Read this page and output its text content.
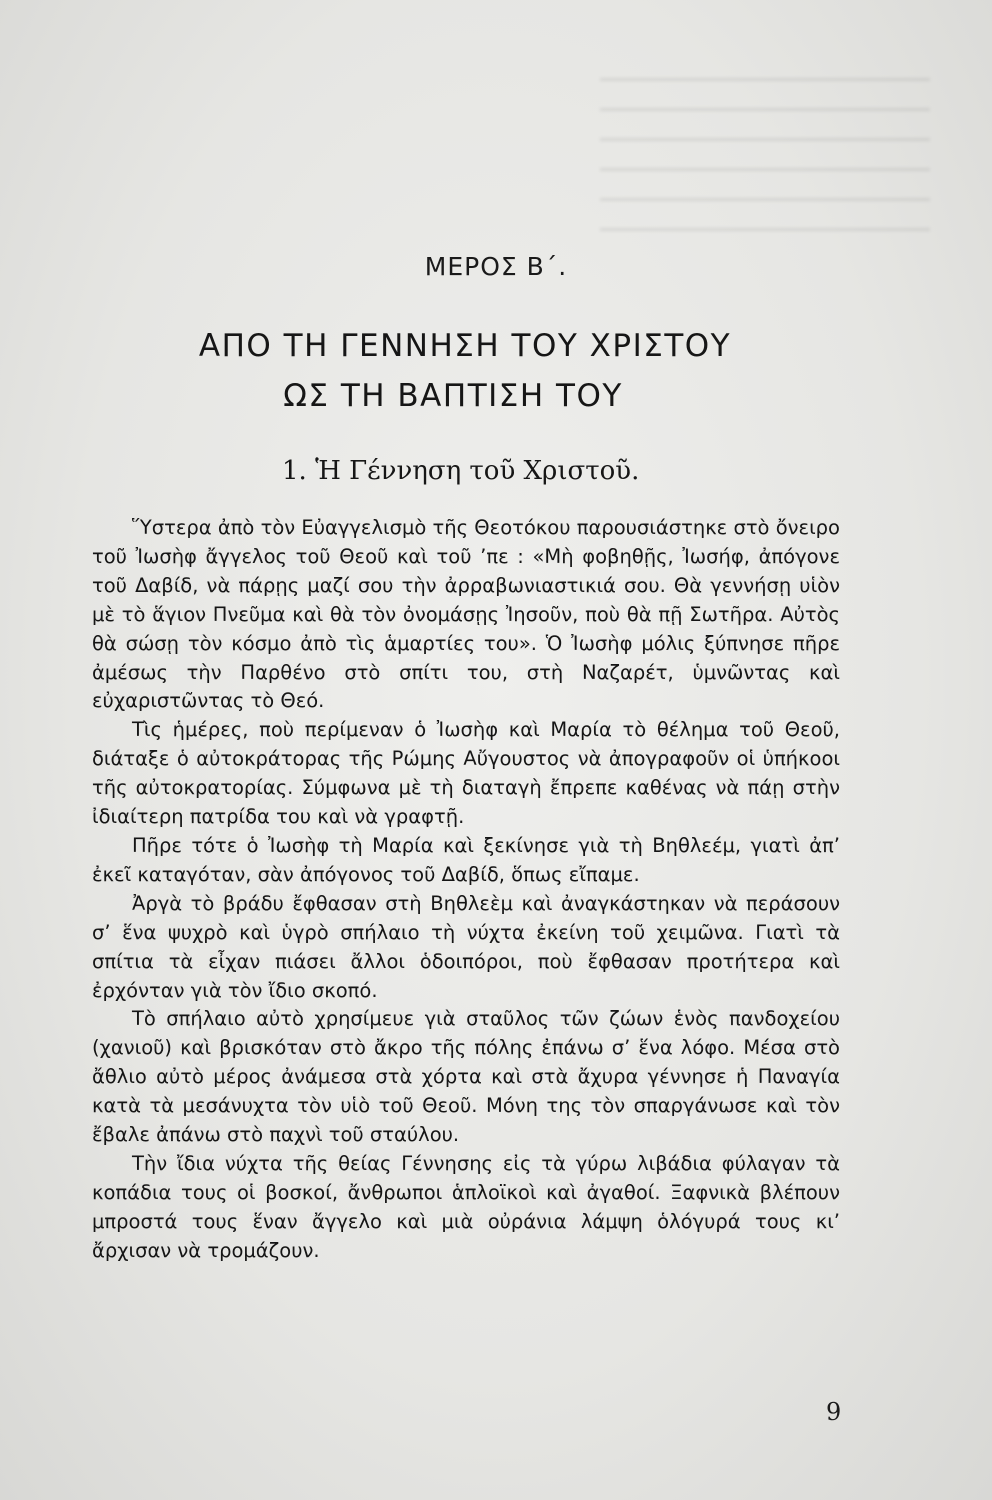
ΜΕΡΟΣ Β΄.
ΑΠΟ ΤΗ ΓΕΝΝΗΣΗ ΤΟΥ ΧΡΙΣΤΟΥ
ΩΣ ΤΗ ΒΑΠΤΙΣΗ ΤΟΥ
1. Ἡ Γέννηση τοῦ Χριστοῦ.

Ὕστερα ἀπὸ τὸν Εὐαγγελισμὸ τῆς Θεοτόκου παρουσιάστηκε στὸ ὄνειρο τοῦ Ἰωσὴφ ἄγγελος τοῦ Θεοῦ καὶ τοῦ ’πε : «Μὴ φοβηθῇς, Ἰωσήφ, ἀπόγονε τοῦ Δαβίδ, νὰ πάρῃς μαζί σου τὴν ἀρραβωνιαστικιά σου. Θὰ γεννήσῃ υἱὸν μὲ τὸ ἅγιον Πνεῦμα καὶ θὰ τὸν ὀνομάσῃς Ἰησοῦν, ποὺ θὰ πῇ Σωτῆρα. Αὐτὸς θὰ σώσῃ τὸν κόσμο ἀπὸ τὶς ἁμαρτίες του». Ὁ Ἰωσὴφ μόλις ξύπνησε πῆρε ἀμέσως τὴν Παρθένο στὸ σπίτι του, στὴ Ναζαρέτ, ὑμνῶντας καὶ εὐχαριστῶντας τὸ Θεό.

Τὶς ἡμέρες, ποὺ περίμεναν ὁ Ἰωσὴφ καὶ Μαρία τὸ θέλημα τοῦ Θεοῦ, διάταξε ὁ αὐτοκράτορας τῆς Ρώμης Αὔγουστος νὰ ἀπογραφοῦν οἱ ὑπήκοοι τῆς αὐτοκρατορίας. Σύμφωνα μὲ τὴ διαταγὴ ἔπρεπε καθένας νὰ πάῃ στὴν ἰδιαίτερη πατρίδα του καὶ νὰ γραφτῇ.

Πῆρε τότε ὁ Ἰωσὴφ τὴ Μαρία καὶ ξεκίνησε γιὰ τὴ Βηθλεέμ, γιατὶ ἀπ’ ἐκεῖ καταγόταν, σὰν ἀπόγονος τοῦ Δαβίδ, ὅπως εἴπαμε.

Ἀργὰ τὸ βράδυ ἔφθασαν στὴ Βηθλεὲμ καὶ ἀναγκάστηκαν νὰ περάσουν σ’ ἕνα ψυχρὸ καὶ ὑγρὸ σπήλαιο τὴ νύχτα ἐκείνη τοῦ χειμῶνα. Γιατὶ τὰ σπίτια τὰ εἶχαν πιάσει ἄλλοι ὁδοιπόροι, ποὺ ἔφθασαν προτήτερα καὶ ἐρχόνταν γιὰ τὸν ἴδιο σκοπό.

Τὸ σπήλαιο αὐτὸ χρησίμευε γιὰ σταῦλος τῶν ζώων ἑνὸς πανδοχείου (χανιοῦ) καὶ βρισκόταν στὸ ἄκρο τῆς πόλης ἐπάνω σ’ ἕνα λόφο. Μέσα στὸ ἄθλιο αὐτὸ μέρος ἀνάμεσα στὰ χόρτα καὶ στὰ ἄχυρα γέννησε ἡ Παναγία κατὰ τὰ μεσάνυχτα τὸν υἱὸ τοῦ Θεοῦ. Μόνη της τὸν σπαργάνωσε καὶ τὸν ἔβαλε ἀπάνω στὸ παχνὶ τοῦ σταύλου.

Τὴν ἴδια νύχτα τῆς θείας Γέννησης εἰς τὰ γύρω λιβάδια φύλαγαν τὰ κοπάδια τους οἱ βοσκοί, ἄνθρωποι ἁπλοϊκοὶ καὶ ἀγαθοί. Ξαφνικὰ βλέπουν μπροστά τους ἕναν ἄγγελο καὶ μιὰ οὐράνια λάμψη ὁλόγυρά τους κι’ ἄρχισαν νὰ τρομάζουν.

9
